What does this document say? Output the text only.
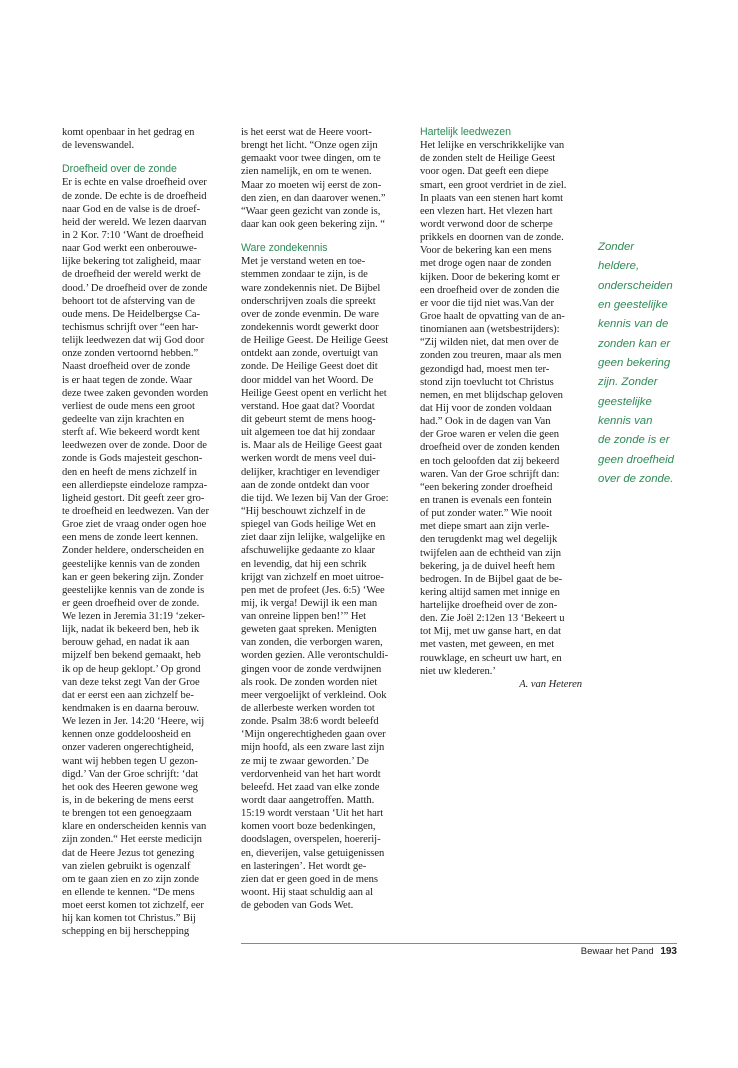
komt openbaar in het gedrag en
de levenswandel.
Droefheid over de zonde
Er is echte en valse droefheid over
de zonde. De echte is de droefheid
naar God en de valse is de droef-
heid der wereld. We lezen daarvan
in 2 Kor. 7:10 ‘Want de droefheid
naar God werkt een onberouwe-
lijke bekering tot zaligheid, maar
de droefheid der wereld werkt de
dood.’ De droefheid over de zonde
behoort tot de afsterving van de
oude mens. De Heidelbergse Ca-
techismus schrijft over “een har-
telijk leedwezen dat wij God door
onze zonden vertoornd hebben.”
Naast droefheid over de zonde
is er haat tegen de zonde. Waar
deze twee zaken gevonden worden
verliest de oude mens een groot
gedeelte van zijn krachten en
sterft af. Wie bekeerd wordt kent
leedwezen over de zonde. Door de
zonde is Gods majesteit geschon-
den en heeft de mens zichzelf in
een allerdiepste eindeloze rampza-
ligheid gestort. Dit geeft zeer gro-
te droefheid en leedwezen. Van der
Groe ziet de vraag onder ogen hoe
een mens de zonde leert kennen.
Zonder heldere, onderscheiden en
geestelijke kennis van de zonden
kan er geen bekering zijn. Zonder
geestelijke kennis van de zonde is
er geen droefheid over de zonde.
We lezen in Jeremia 31:19 ‘zeker-
lijk, nadat ik bekeerd ben, heb ik
berouw gehad, en nadat ik aan
mijzelf ben bekend gemaakt, heb
ik op de heup geklopt.’ Op grond
van deze tekst zegt Van der Groe
dat er eerst een aan zichzelf be-
kendmaken is en daarna berouw.
We lezen in Jer. 14:20 ‘Heere, wij
kennen onze goddeloosheid en
onzer vaderen ongerechtigheid,
want wij hebben tegen U gezon-
digd.’ Van der Groe schrijft: ‘dat
het ook des Heeren gewone weg
is, in de bekering de mens eerst
te brengen tot een genoegzaam
klare en onderscheiden kennis van
zijn zonden.“ Het eerste medicijn
dat de Heere Jezus tot genezing
van zielen gebruikt is ogenzalf
om te gaan zien en zo zijn zonde
en ellende te kennen. “De mens
moet eerst komen tot zichzelf, eer
hij kan komen tot Christus.” Bij
schepping en bij herschepping
is het eerst wat de Heere voort-
brengt het licht. “Onze ogen zijn
gemaakt voor twee dingen, om te
zien namelijk, en om te wenen.
Maar zo moeten wij eerst de zon-
den zien, en dan daarover wenen.”
“Waar geen gezicht van zonde is,
daar kan ook geen bekering zijn. “
Ware zondekennis
Met je verstand weten en toe-
stemmen zondaar te zijn, is de
ware zondekennis niet. De Bijbel
onderschrijven zoals die spreekt
over de zonde evenmin. De ware
zondekennis wordt gewerkt door
de Heilige Geest. De Heilige Geest
ontdekt aan zonde, overtuigt van
zonde. De Heilige Geest doet dit
door middel van het Woord. De
Heilige Geest opent en verlicht het
verstand. Hoe gaat dat? Voordat
dit gebeurt stemt de mens hoog-
uit algemeen toe dat hij zondaar
is. Maar als de Heilige Geest gaat
werken wordt de mens veel dui-
delijker, krachtiger en levendiger
aan de zonde ontdekt dan voor
die tijd. We lezen bij Van der Groe:
“Hij beschouwt zichzelf in de
spiegel van Gods heilige Wet en
ziet daar zijn lelijke, walgelijke en
afschuwelijke gedaante zo klaar
en levendig, dat hij een schrik
krijgt van zichzelf en moet uitroe-
pen met de profeet (Jes. 6:5) ‘Wee
mij, ik verga! Dewijl ik een man
van onreine lippen ben!’” Het
geweten gaat spreken. Menigten
van zonden, die verborgen waren,
worden gezien. Alle verontschuldi-
gingen voor de zonde verdwijnen
als rook. De zonden worden niet
meer vergoelijkt of verkleind. Ook
de allerbeste werken worden tot
zonde. Psalm 38:6 wordt beleefd
‘Mijn ongerechtigheden gaan over
mijn hoofd, als een zware last zijn
ze mij te zwaar geworden.’ De
verdorvenheid van het hart wordt
beleefd. Het zaad van elke zonde
wordt daar aangetroffen. Matth.
15:19 wordt verstaan ‘Uit het hart
komen voort boze bedenkingen,
doodslagen, overspelen, hoererij-
en, dieverijen, valse getuigenissen
en lasteringen’. Het wordt ge-
zien dat er geen goed in de mens
woont. Hij staat schuldig aan al
de geboden van Gods Wet.
Hartelijk leedwezen
Het lelijke en verschrikkelijke van
de zonden stelt de Heilige Geest
voor ogen. Dat geeft een diepe
smart, een groot verdriet in de ziel.
In plaats van een stenen hart komt
een vlezen hart. Het vlezen hart
wordt verwond door de scherpe
prikkels en doornen van de zonde.
Voor de bekering kan een mens
met droge ogen naar de zonden
kijken. Door de bekering komt er
een droefheid over de zonden die
er voor die tijd niet was.Van der
Groe haalt de opvatting van de an-
tinomianen aan (wetsbestrijders):
“Zij wilden niet, dat men over de
zonden zou treuren, maar als men
gezondigd had, moest men ter-
stond zijn toevlucht tot Christus
nemen, en met blijdschap geloven
dat Hij voor de zonden voldaan
had.” Ook in de dagen van Van
der Groe waren er velen die geen
droefheid over de zonden kenden
en toch geloofden dat zij bekeerd
waren. Van der Groe schrijft dan:
“een bekering zonder droefheid
en tranen is evenals een fontein
of put zonder water.” Wie nooit
met diepe smart aan zijn verle-
den terugdenkt mag wel degelijk
twijfelen aan de echtheid van zijn
bekering, ja de duivel heeft hem
bedrogen. In de Bijbel gaat de be-
kering altijd samen met innige en
hartelijke droefheid over de zon-
den. Zie Joël 2:12en 13 ‘Bekeert u
tot Mij, met uw ganse hart, en dat
met vasten, met geween, en met
rouwklage, en scheurt uw hart, en
niet uw klederen.’
A. van Heteren
Zonder
heldere,
onderscheiden
en geestelijke
kennis van de
zonden kan er
geen bekering
zijn. Zonder
geestelijke
kennis van
de zonde is er
geen droefheid
over de zonde.
Bewaar het Pand 193
